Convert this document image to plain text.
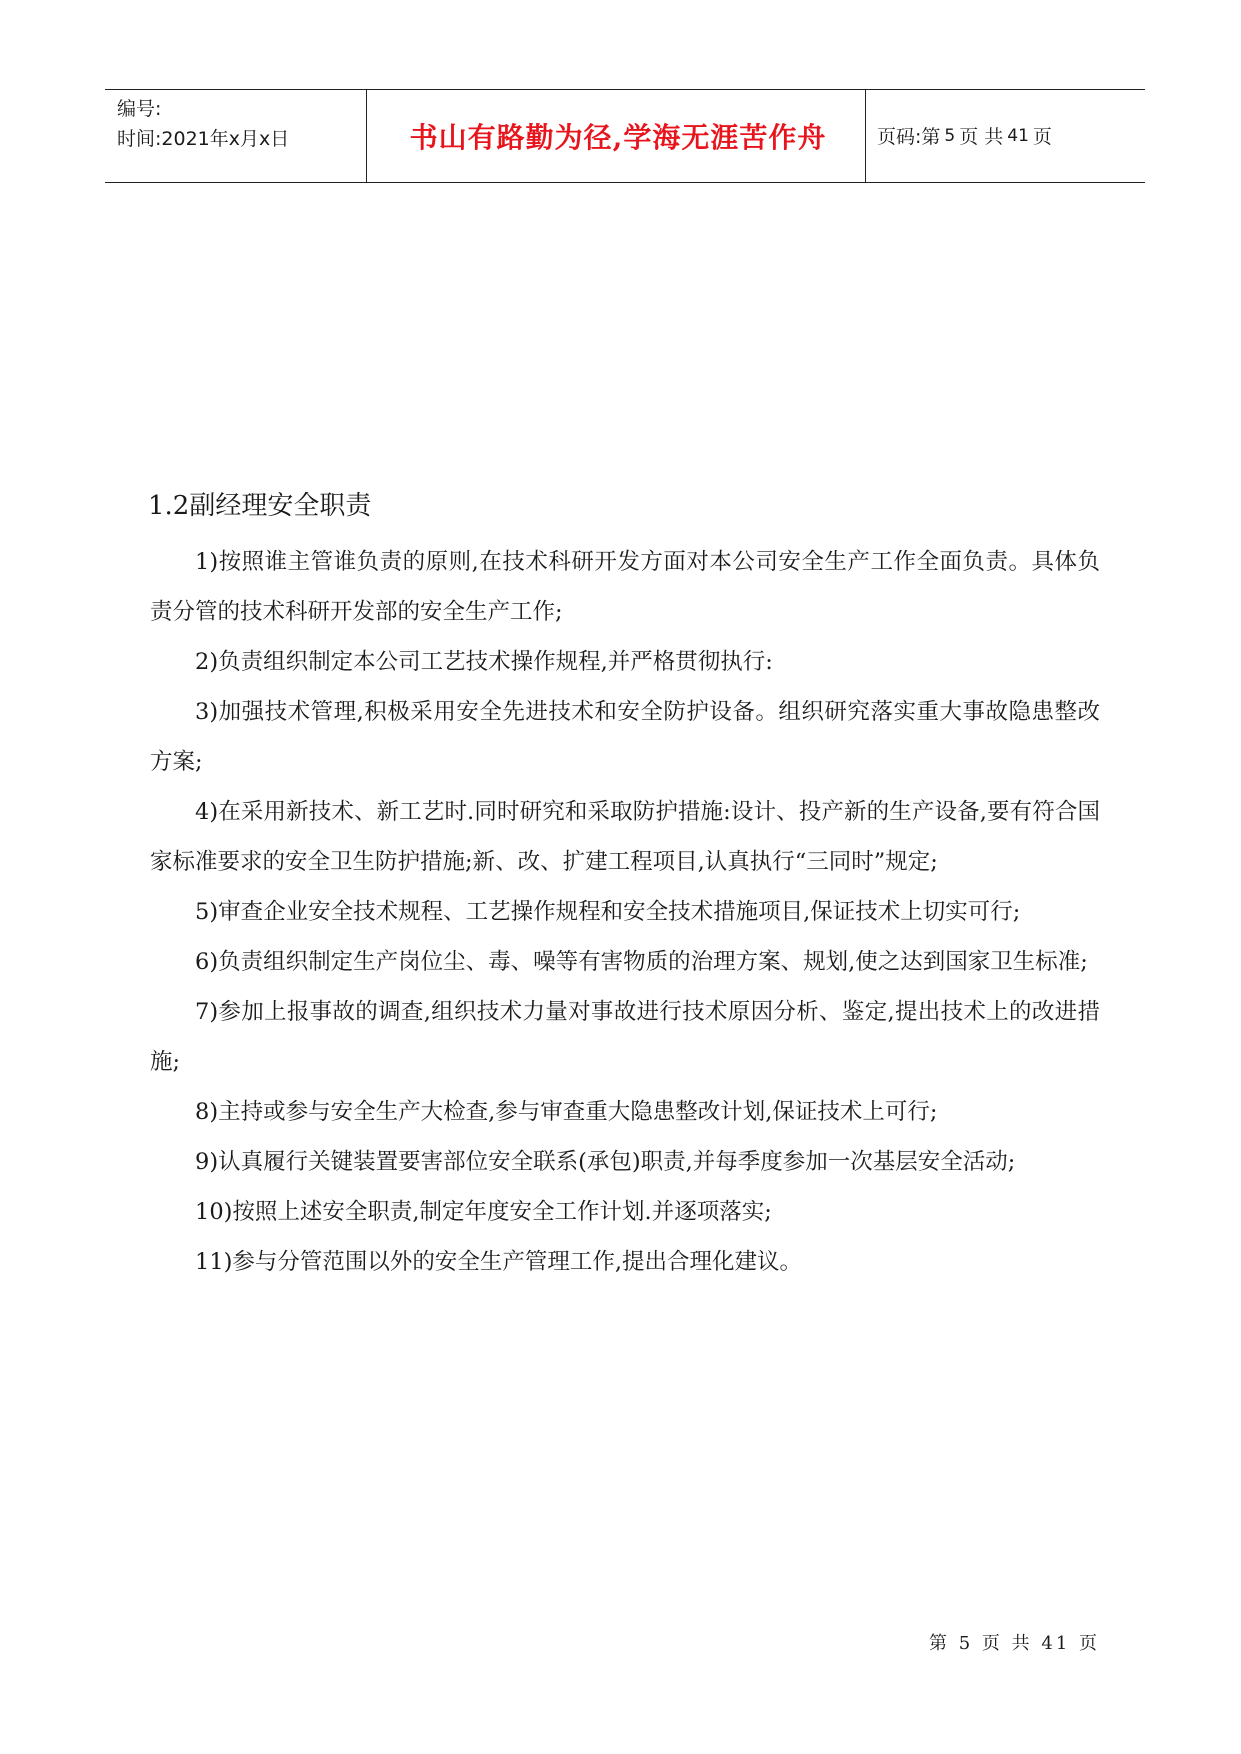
编号:
时间:2021年x月x日	书山有路勤为径,学海无涯苦作舟	页码:第 5 页 共 41 页
1.2副经理安全职责

1)按照谁主管谁负责的原则,在技术科研开发方面对本公司安全生产工作全面负责。具体负责分管的技术科研开发部的安全生产工作;

2)负责组织制定本公司工艺技术操作规程,并严格贯彻执行:

3)加强技术管理,积极采用安全先进技术和安全防护设备。组织研究落实重大事故隐患整改方案;

4)在采用新技术、新工艺时.同时研究和采取防护措施:设计、投产新的生产设备,要有符合国家标准要求的安全卫生防护措施;新、改、扩建工程项目,认真执行“三同时”规定;

5)审查企业安全技术规程、工艺操作规程和安全技术措施项目,保证技术上切实可行;

6)负责组织制定生产岗位尘、毒、噪等有害物质的治理方案、规划,使之达到国家卫生标准;

7)参加上报事故的调查,组织技术力量对事故进行技术原因分析、鉴定,提出技术上的改进措施;

8)主持或参与安全生产大检查,参与审查重大隐患整改计划,保证技术上可行;

9)认真履行关键装置要害部位安全联系(承包)职责,并每季度参加一次基层安全活动;

10)按照上述安全职责,制定年度安全工作计划.并逐项落实;

11)参与分管范围以外的安全生产管理工作,提出合理化建议。

第 5 页 共 41 页
